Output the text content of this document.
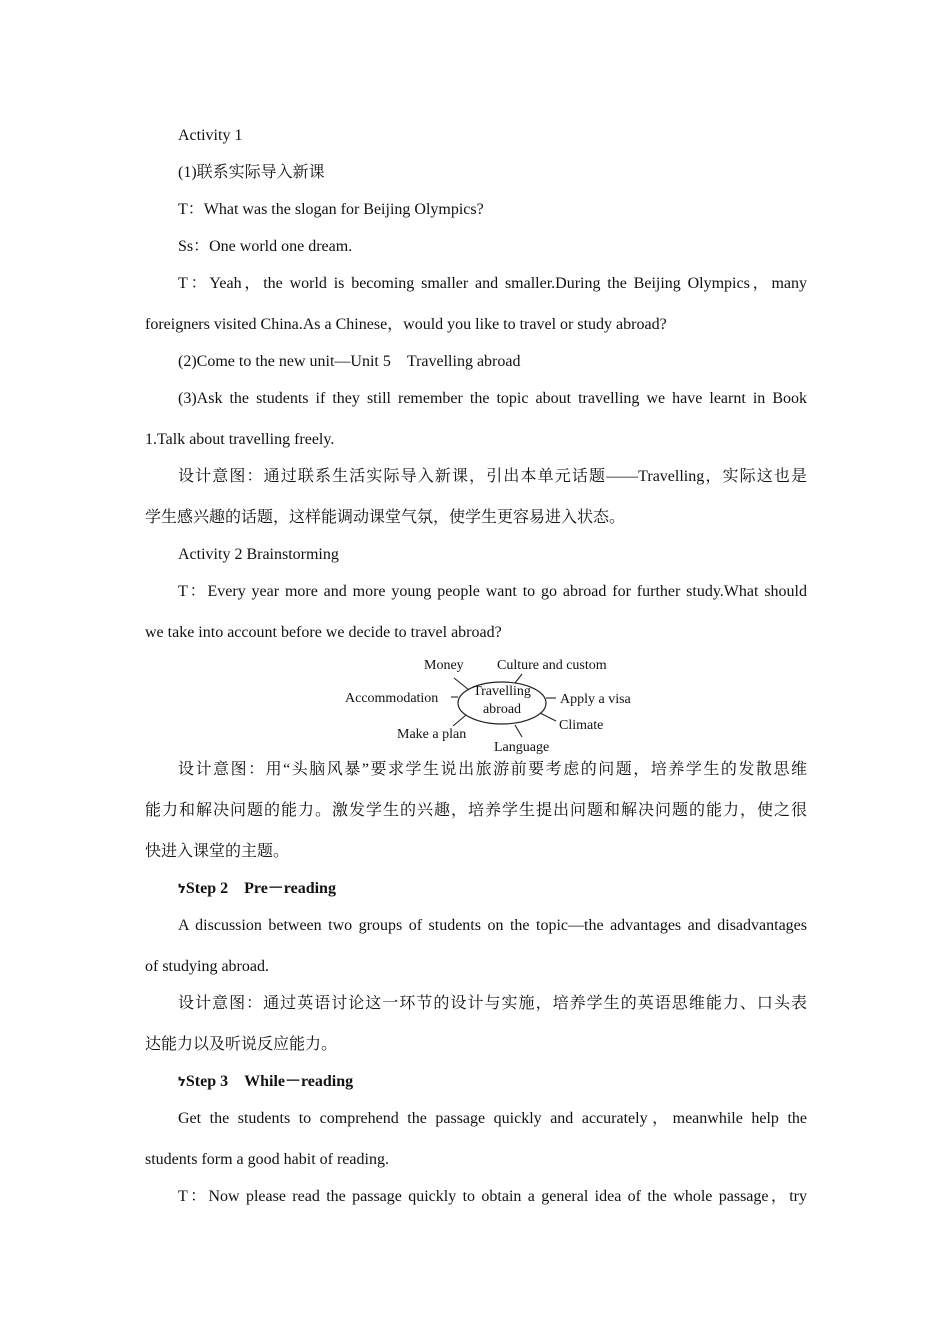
Activity 1
(1)联系实际导入新课
T：What was the slogan for Beijing Olympics?
Ss：One world one dream.
T：Yeah，the world is becoming smaller and smaller.During the Beijing Olympics，many
foreigners visited China.As a Chinese，would you like to travel or study abroad?
(2)Come to the new unit—Unit 5　Travelling abroad
(3)Ask the students if they still remember the topic about travelling we have learnt in Book
1.Talk about travelling freely.
设计意图：通过联系生活实际导入新课，引出本单元话题——Travelling，实际这也是
学生感兴趣的话题，这样能调动课堂气氛，使学生更容易进入状态。
Activity 2 Brainstorming
T：Every year more and more young people want to go abroad for further study.What should
we take into account before we decide to travel abroad?
Travelling
abroad
Money Culture and custom
Accommodation	Apply a visa
Climate
Make a plan
Language
设计意图：用“头脑风暴”要求学生说出旅游前要考虑的问题，培养学生的发散思维
能力和解决问题的能力。激发学生的兴趣，培养学生提出问题和解决问题的能力，使之很
快进入课堂的主题。
לStep 2　Pre－reading
A discussion between two groups of students on the topic—the advantages and disadvantages
of studying abroad.
设计意图：通过英语讨论这一环节的设计与实施，培养学生的英语思维能力、口头表
达能力以及听说反应能力。
לStep 3　While－reading
Get the students to comprehend the passage quickly and accurately，meanwhile help the
students form a good habit of reading.
T：Now please read the passage quickly to obtain a general idea of the whole passage，try
